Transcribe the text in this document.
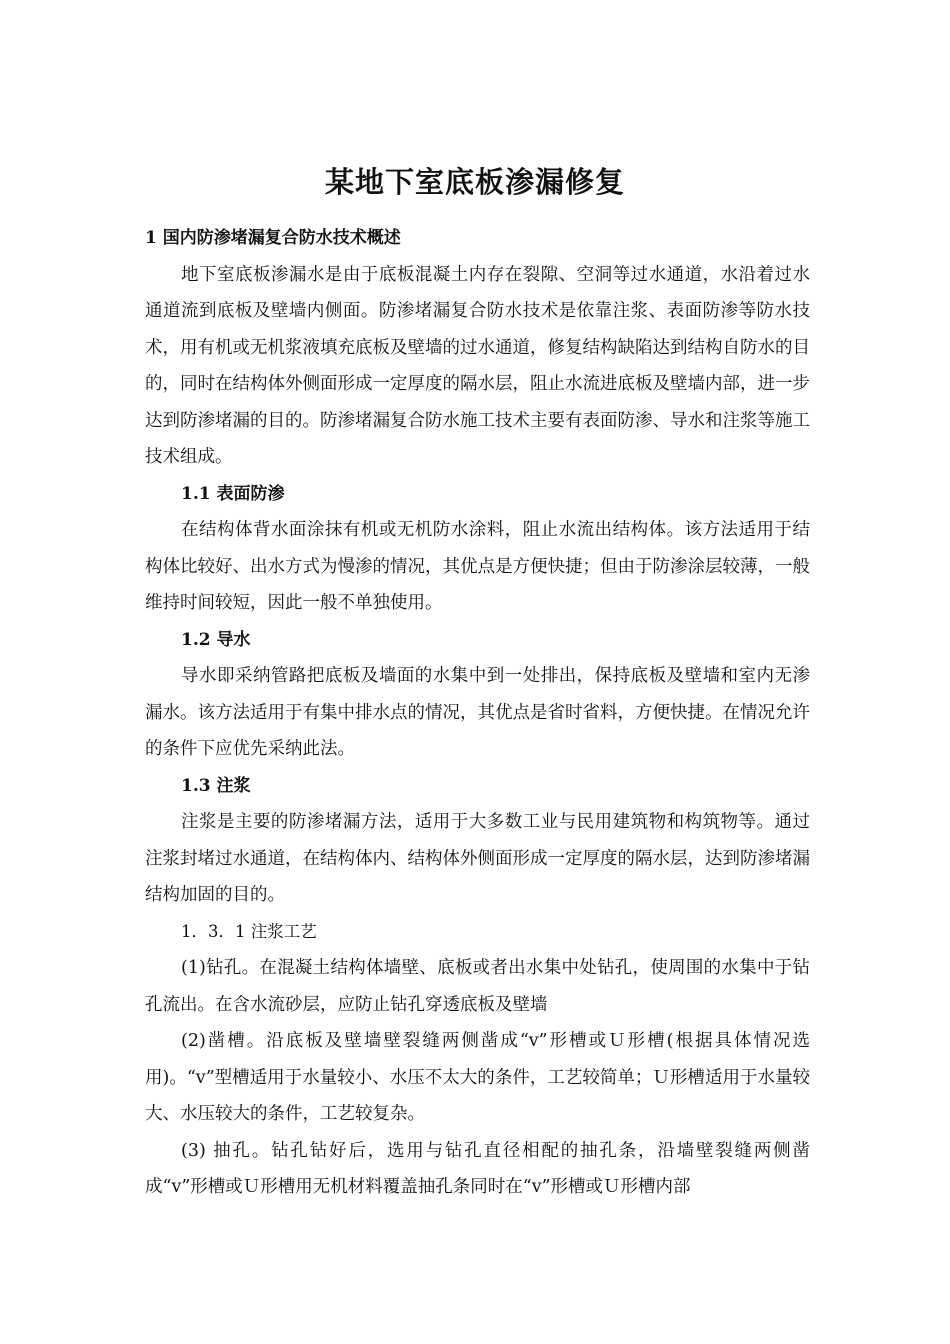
某地下室底板渗漏修复

1 国内防渗堵漏复合防水技术概述

地下室底板渗漏水是由于底板混凝土内存在裂隙、空洞等过水通道，水沿着过水通道流到底板及壁墙内侧面。防渗堵漏复合防水技术是依靠注浆、表面防渗等防水技术，用有机或无机浆液填充底板及壁墙的过水通道，修复结构缺陷达到结构自防水的目的，同时在结构体外侧面形成一定厚度的隔水层，阻止水流进底板及壁墙内部，进一步达到防渗堵漏的目的。防渗堵漏复合防水施工技术主要有表面防渗、导水和注浆等施工技术组成。

1.1 表面防渗

在结构体背水面涂抹有机或无机防水涂料，阻止水流出结构体。该方法适用于结构体比较好、出水方式为慢渗的情况，其优点是方便快捷；但由于防渗涂层较薄，一般维持时间较短，因此一般不单独使用。

1.2 导水

导水即采纳管路把底板及墙面的水集中到一处排出，保持底板及壁墙和室内无渗漏水。该方法适用于有集中排水点的情况，其优点是省时省料，方便快捷。在情况允许的条件下应优先采纳此法。

1.3 注浆

注浆是主要的防渗堵漏方法，适用于大多数工业与民用建筑物和构筑物等。通过注浆封堵过水通道，在结构体内、结构体外侧面形成一定厚度的隔水层，达到防渗堵漏结构加固的目的。

1．3．1 注浆工艺

(1)钻孔。在混凝土结构体墙壁、底板或者出水集中处钻孔，使周围的水集中于钻孔流出。在含水流砂层，应防止钻孔穿透底板及壁墙

(2)凿槽。沿底板及壁墙壁裂缝两侧凿成“v”形槽或Ｕ形槽(根据具体情况选用)。“v”型槽适用于水量较小、水压不太大的条件，工艺较简单；Ｕ形槽适用于水量较大、水压较大的条件，工艺较复杂。

(3) 抽孔。钻孔钻好后，选用与钻孔直径相配的抽孔条，沿墙壁裂缝两侧凿成“v”形槽或Ｕ形槽用无机材料覆盖抽孔条同时在“v”形槽或Ｕ形槽内部
